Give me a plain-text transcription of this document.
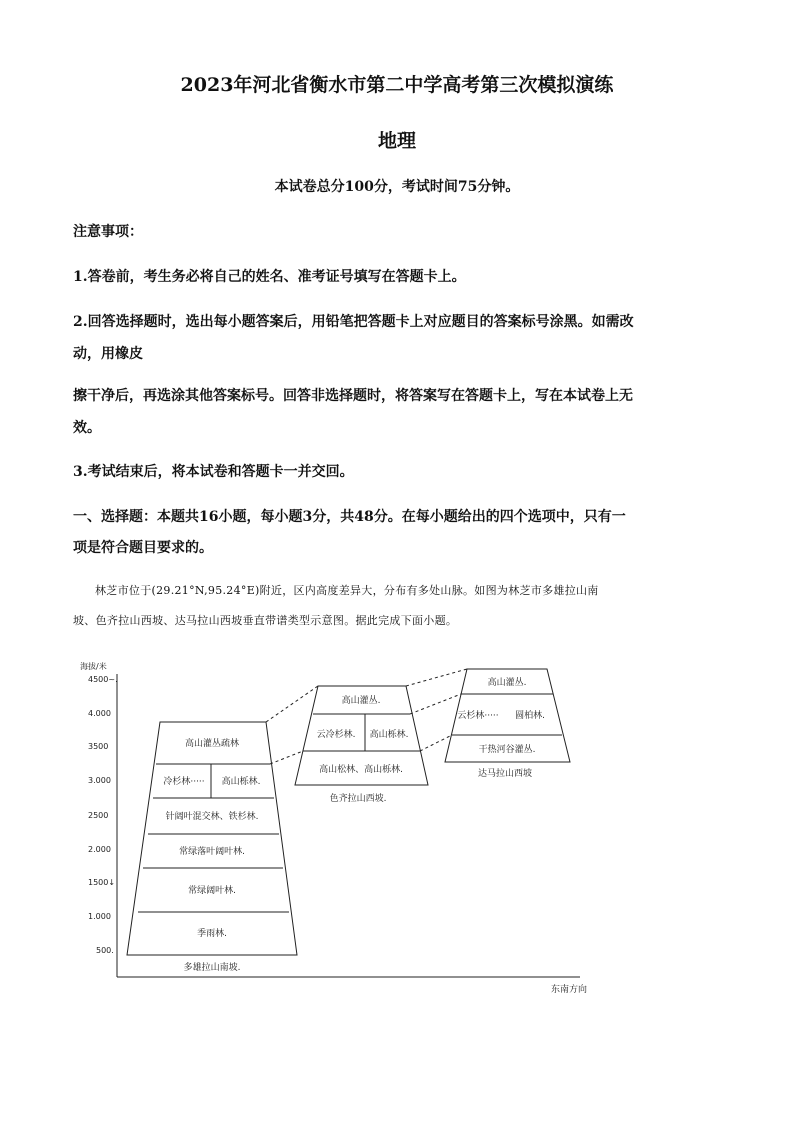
2023年河北省衡水市第二中学高考第三次模拟演练
地理
本试卷总分100分，考试时间75分钟。
注意事项：
1.答卷前，考生务必将自己的姓名、准考证号填写在答题卡上。
2.回答选择题时，选出每小题答案后，用铅笔把答题卡上对应题目的答案标号涂黑。如需改
动，用橡皮
擦干净后，再选涂其他答案标号。回答非选择题时，将答案写在答题卡上，写在本试卷上无
效。
3.考试结束后，将本试卷和答题卡一并交回。
一、选择题：本题共16小题，每小题3分，共48分。在每小题给出的四个选项中，只有一
项是符合题目要求的。
林芝市位于(29.21°N,95.24°E)附近，区内高度差异大，分布有多处山脉。如图为林芝市多雄拉山南
坡、色齐拉山西坡、达马拉山西坡垂直带谱类型示意图。据此完成下面小题。
海拔/米
4500~.
4.000
3500
3.000
2500
2.000
1500↓
1.000
500.
高山灌丛疏林
冷杉林····· 高山栎林.
针阔叶混交林、铁杉林.
常绿落叶阔叶林.
常绿阔叶林.
季雨林.
多雄拉山南坡.
高山灌丛.
云冷杉林. 高山栎林.
高山松林、高山栎林.
色齐拉山西坡.
高山灌丛.
云杉林····· 圆柏林.
干热河谷灌丛.
达马拉山西坡
东南方向
